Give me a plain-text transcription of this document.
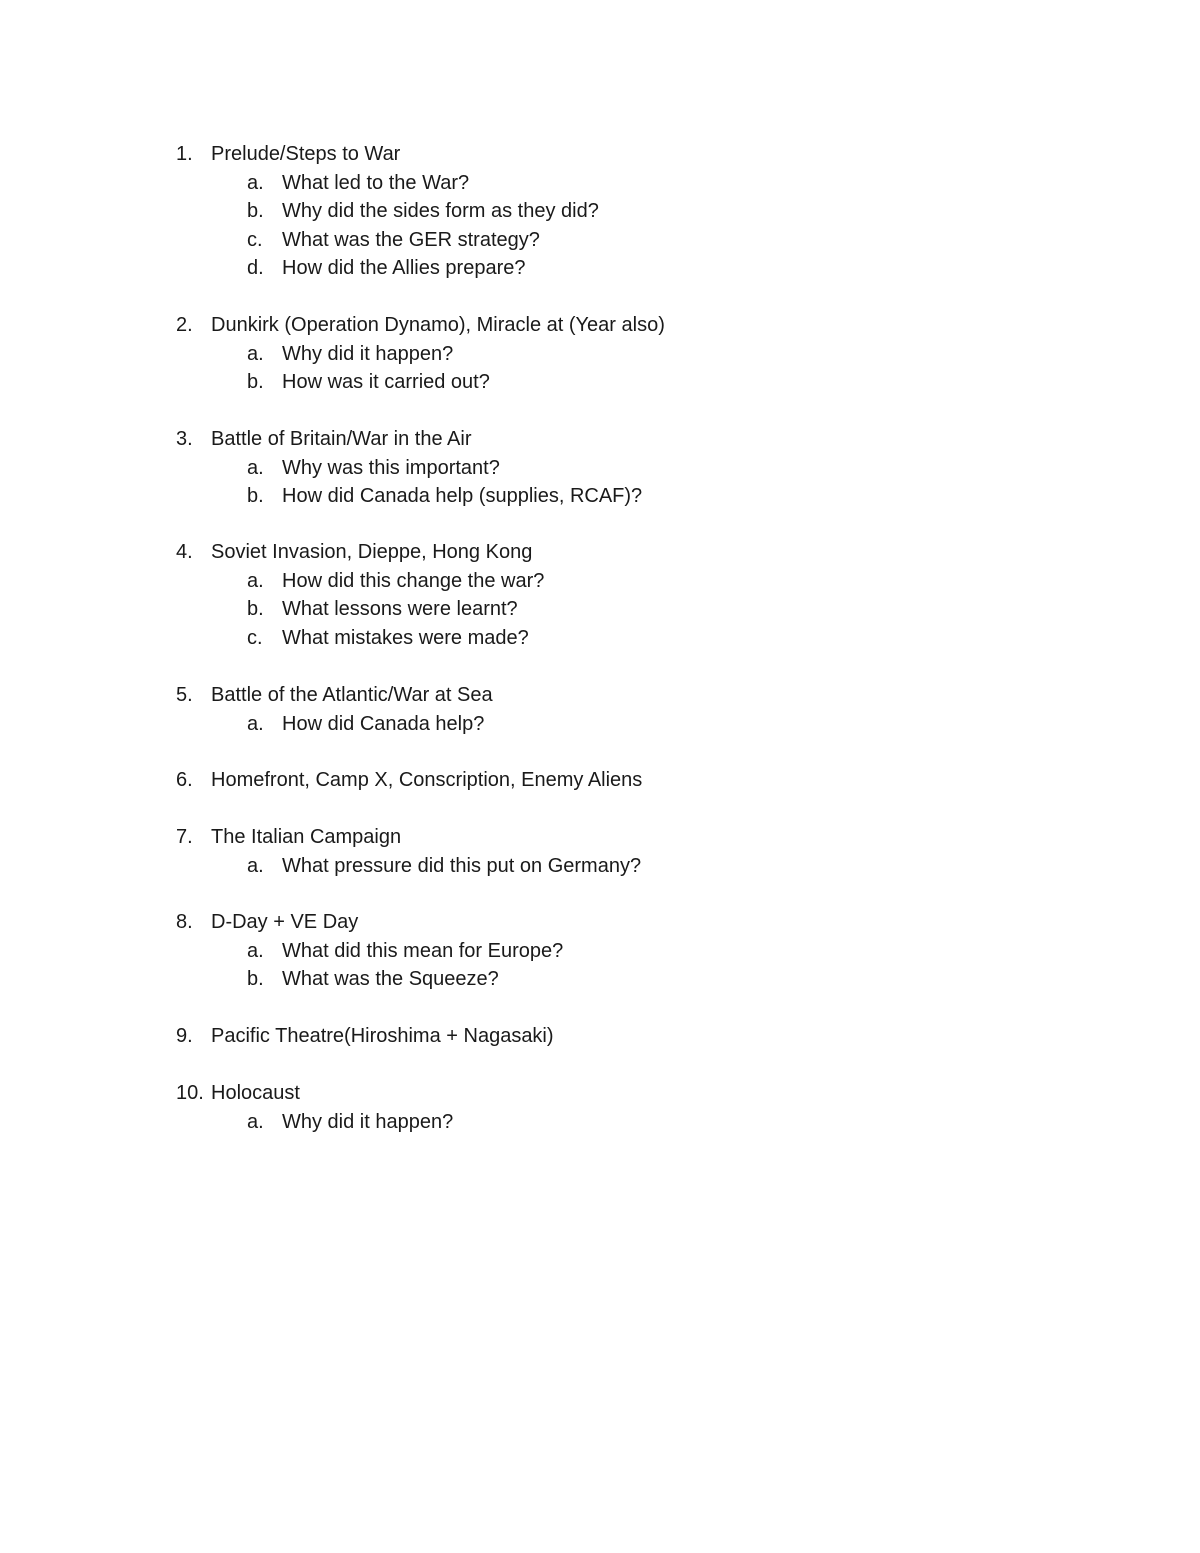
1. Prelude/Steps to War
a. What led to the War?
b. Why did the sides form as they did?
c. What was the GER strategy?
d. How did the Allies prepare?
2. Dunkirk (Operation Dynamo), Miracle at (Year also)
a. Why did it happen?
b. How was it carried out?
3. Battle of Britain/War in the Air
a. Why was this important?
b. How did Canada help (supplies, RCAF)?
4. Soviet Invasion, Dieppe, Hong Kong
a. How did this change the war?
b. What lessons were learnt?
c. What mistakes were made?
5. Battle of the Atlantic/War at Sea
a. How did Canada help?
6. Homefront, Camp X, Conscription, Enemy Aliens
7. The Italian Campaign
a. What pressure did this put on Germany?
8. D-Day + VE Day
a. What did this mean for Europe?
b. What was the Squeeze?
9. Pacific Theatre(Hiroshima + Nagasaki)
10. Holocaust
a. Why did it happen?
